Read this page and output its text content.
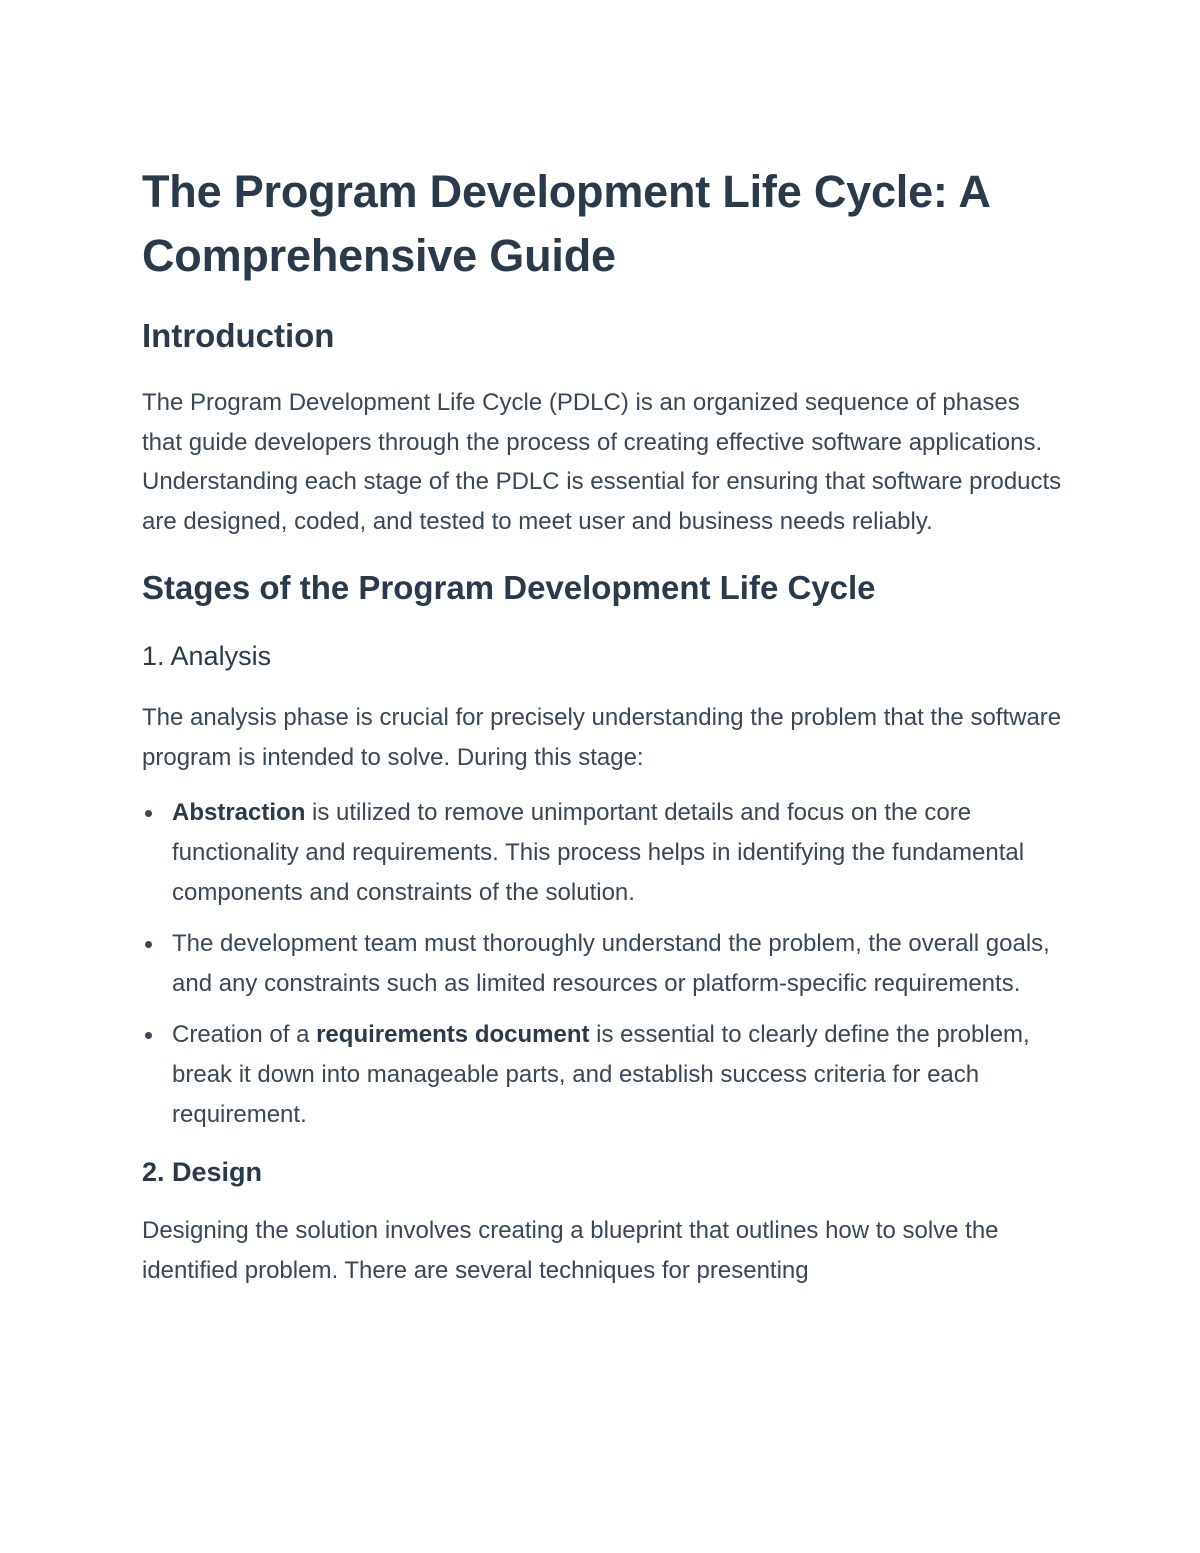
The Program Development Life Cycle: A Comprehensive Guide
Introduction

The Program Development Life Cycle (PDLC) is an organized sequence of phases that guide developers through the process of creating effective software applications. Understanding each stage of the PDLC is essential for ensuring that software products are designed, coded, and tested to meet user and business needs reliably.

Stages of the Program Development Life Cycle
1. Analysis

The analysis phase is crucial for precisely understanding the problem that the software program is intended to solve. During this stage:

Abstraction is utilized to remove unimportant details and focus on the core functionality and requirements. This process helps in identifying the fundamental components and constraints of the solution.
The development team must thoroughly understand the problem, the overall goals, and any constraints such as limited resources or platform-specific requirements.
Creation of a requirements document is essential to clearly define the problem, break it down into manageable parts, and establish success criteria for each requirement.
2. Design

Designing the solution involves creating a blueprint that outlines how to solve the identified problem. There are several techniques for presenting
